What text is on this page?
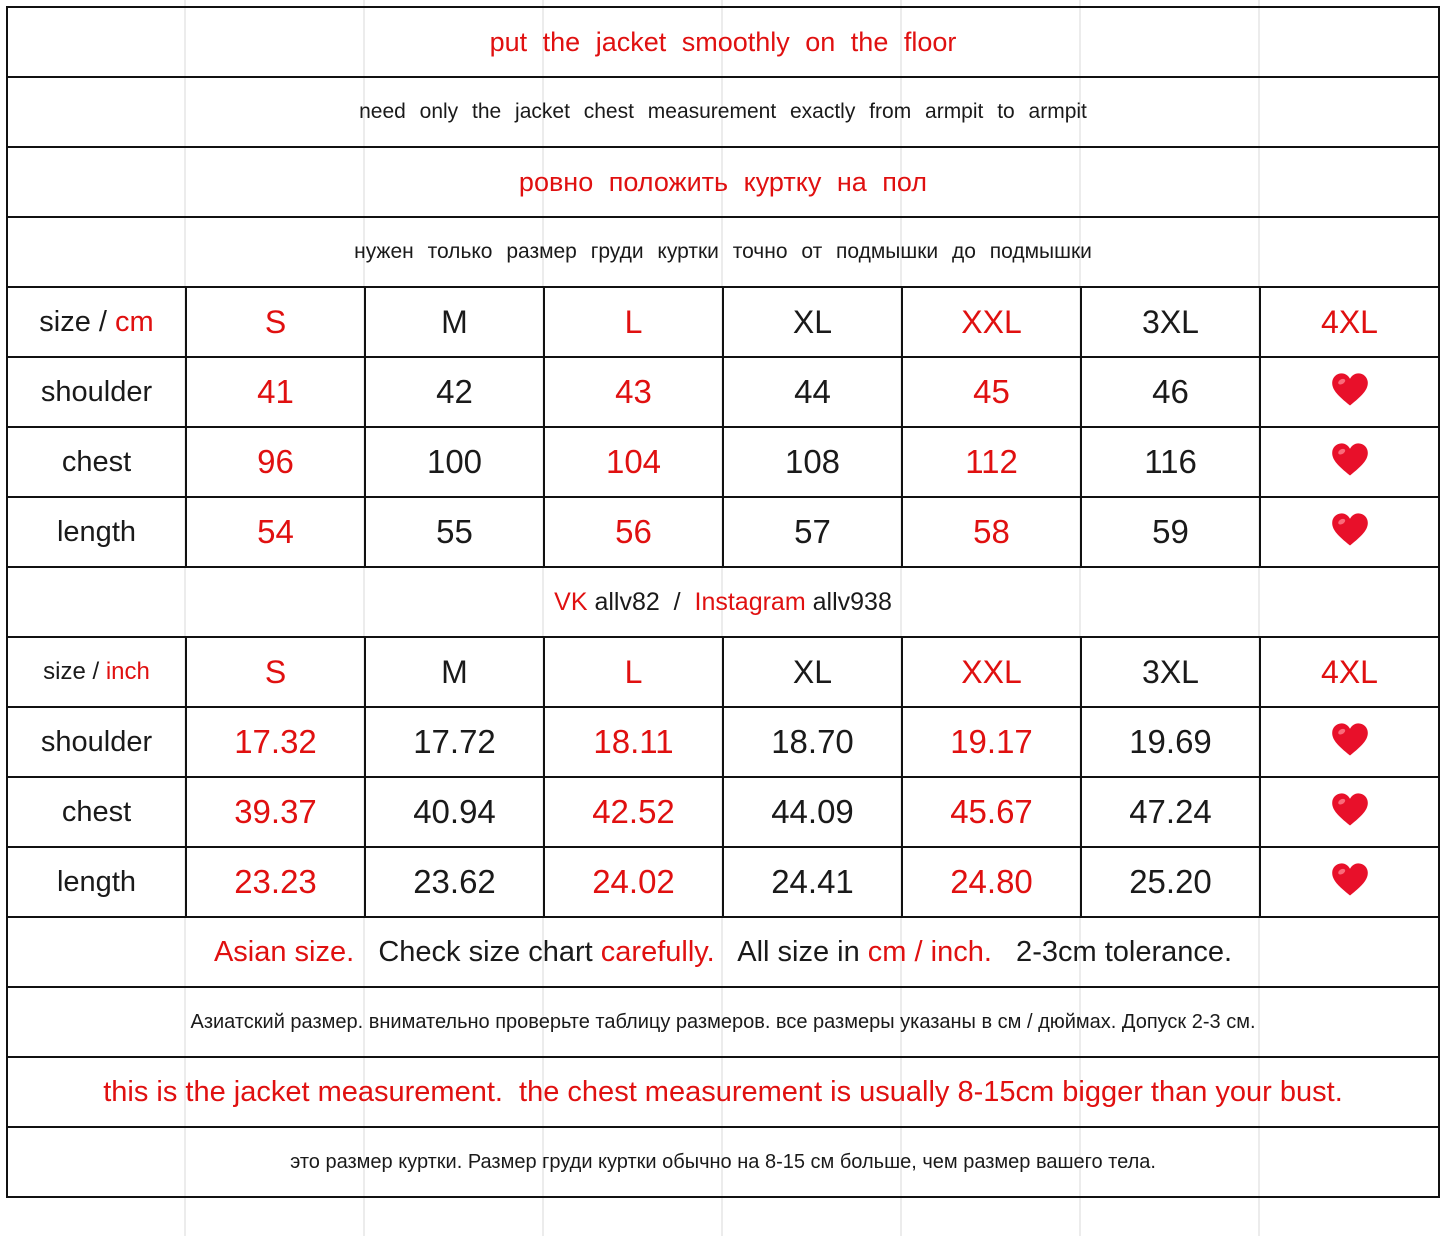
put the jacket smoothly on the floor							
need only the jacket chest measurement exactly from armpit to armpit							
ровно положить куртку на пол							
нужен только размер груди куртки точно от подмышки до подмышки							
size / cm	S	M	L	XL	XXL	3XL	4XL
shoulder	41	42	43	44	45	46	
chest	96	100	104	108	112	116	
length	54	55	56	57	58	59	
VK allv82  /  Instagram allv938							
size / inch	S	M	L	XL	XXL	3XL	4XL
shoulder	17.32	17.72	18.11	18.70	19.17	19.69	
chest	39.37	40.94	42.52	44.09	45.67	47.24	
length	23.23	23.62	24.02	24.41	24.80	25.20	
Asian size.   Check size chart carefully.   All size in cm / inch.   2-3cm tolerance.							
Азиатский размер. внимательно проверьте таблицу размеров. все размеры указаны в см / дюймах. Допуск 2-3 см.							
this is the jacket measurement.  the chest measurement is usually 8-15cm bigger than your bust.							
это размер куртки. Размер груди куртки обычно на 8-15 см больше, чем размер вашего тела.							
